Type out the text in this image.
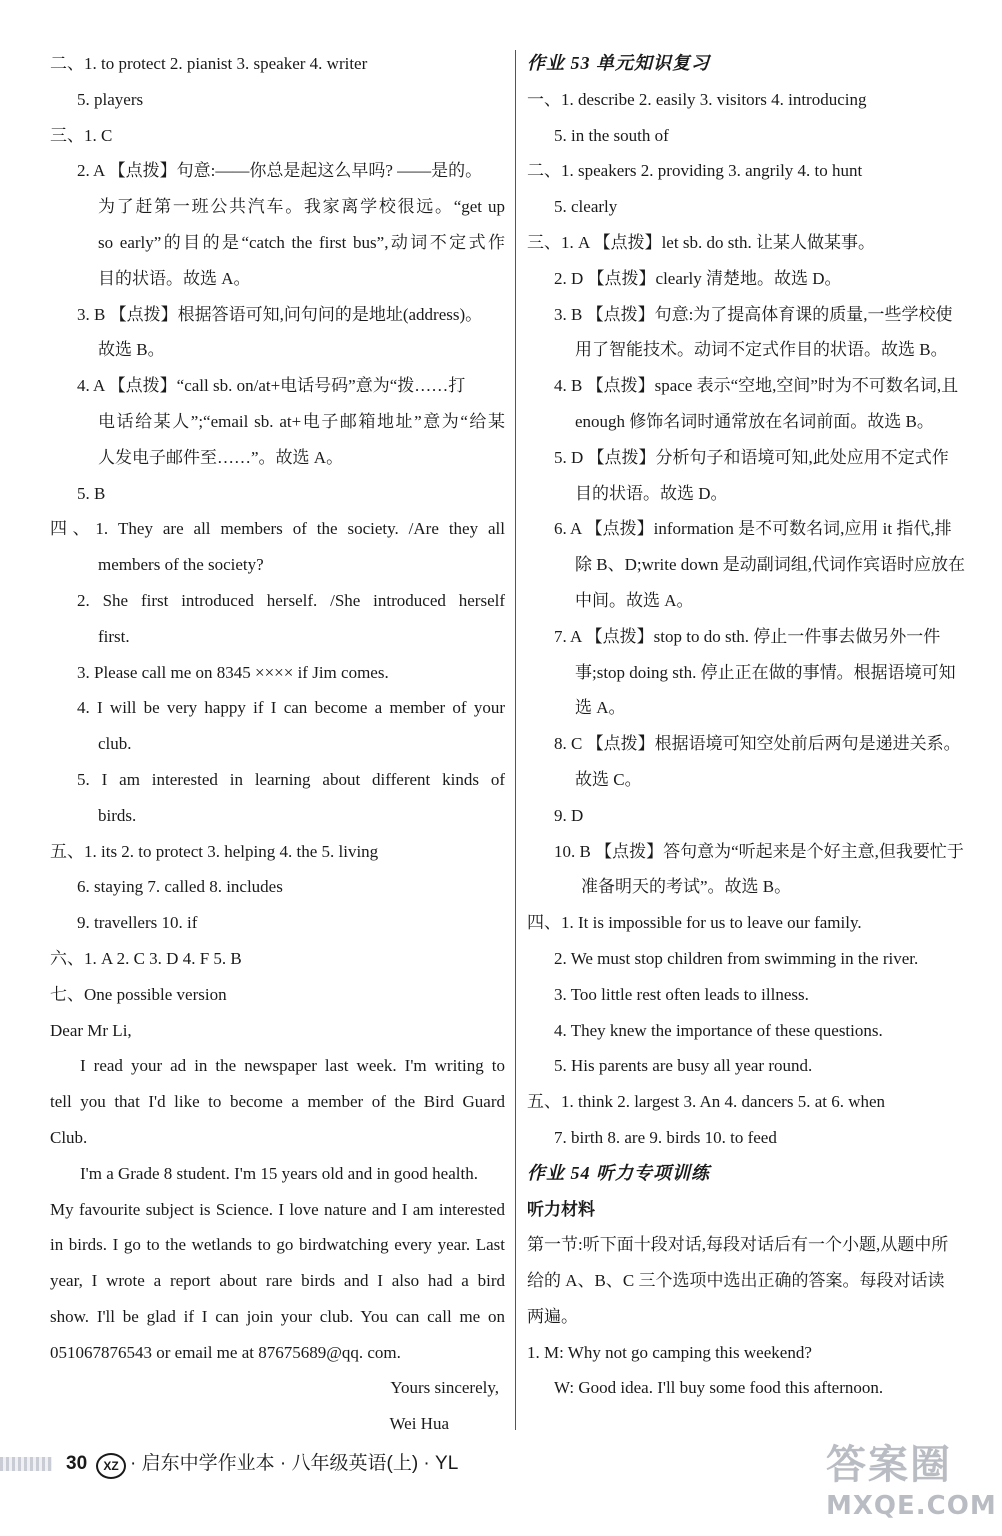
二、1. to protect 2. pianist 3. speaker 4. writer
5. players
三、1. C
2. A 【点拨】句意:——你总是起这么早吗? ——是的。
为了赶第一班公共汽车。我家离学校很远。“get up
so early”的目的是“catch the first bus”,动词不定式作
目的状语。故选 A。
3. B 【点拨】根据答语可知,问句问的是地址(address)。
故选 B。
4. A 【点拨】“call sb. on/at+电话号码”意为“拨……打
电话给某人”;“email sb. at+电子邮箱地址”意为“给某
人发电子邮件至……”。故选 A。
5. B
四、1. They are all members of the society. /Are they all
members of the society?
2. She first introduced herself. /She introduced herself
first.
3. Please call me on 8345 ×××× if Jim comes.
4. I will be very happy if I can become a member of your
club.
5. I am interested in learning about different kinds of
birds.
五、1. its 2. to protect 3. helping 4. the 5. living
6. staying 7. called 8. includes
9. travellers 10. if
六、1. A 2. C 3. D 4. F 5. B
七、One possible version
Dear Mr Li,
I read your ad in the newspaper last week. I'm writing to
tell you that I'd like to become a member of the Bird Guard
Club.
I'm a Grade 8 student. I'm 15 years old and in good health.
My favourite subject is Science. I love nature and I am interested
in birds. I go to the wetlands to go birdwatching every year. Last
year, I wrote a report about rare birds and I also had a bird
show. I'll be glad if I can join your club. You can call me on
051067876543 or email me at 87675689@qq. com.
Yours sincerely,
Wei Hua
作业 53 单元知识复习
一、1. describe 2. easily 3. visitors 4. introducing
5. in the south of
二、1. speakers 2. providing 3. angrily 4. to hunt
5. clearly
三、1. A 【点拨】let sb. do sth. 让某人做某事。
2. D 【点拨】clearly 清楚地。故选 D。
3. B 【点拨】句意:为了提高体育课的质量,一些学校使
用了智能技术。动词不定式作目的状语。故选 B。
4. B 【点拨】space 表示“空地,空间”时为不可数名词,且
enough 修饰名词时通常放在名词前面。故选 B。
5. D 【点拨】分析句子和语境可知,此处应用不定式作
目的状语。故选 D。
6. A 【点拨】information 是不可数名词,应用 it 指代,排
除 B、D;write down 是动副词组,代词作宾语时应放在
中间。故选 A。
7. A 【点拨】stop to do sth. 停止一件事去做另外一件
事;stop doing sth. 停止正在做的事情。根据语境可知
选 A。
8. C 【点拨】根据语境可知空处前后两句是递进关系。
故选 C。
9. D
10. B 【点拨】答句意为“听起来是个好主意,但我要忙于
准备明天的考试”。故选 B。
四、1. It is impossible for us to leave our family.
2. We must stop children from swimming in the river.
3. Too little rest often leads to illness.
4. They knew the importance of these questions.
5. His parents are busy all year round.
五、1. think 2. largest 3. An 4. dancers 5. at 6. when
7. birth 8. are 9. birds 10. to feed
作业 54 听力专项训练
听力材料
第一节:听下面十段对话,每段对话后有一个小题,从题中所
给的 A、B、C 三个选项中选出正确的答案。每段对话读
两遍。
1. M: Why not go camping this weekend?
W: Good idea. I'll buy some food this afternoon.
30	XZ · 启东中学作业本 · 八年级英语(上) · YL	答案圈
MXQE.COM
